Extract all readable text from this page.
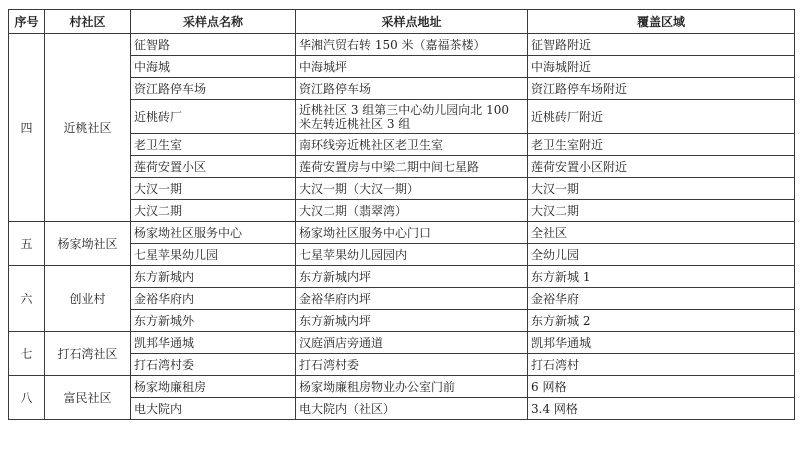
序号	村社区	采样点名称	采样点地址	覆盖区域
四	近桃社区	征智路	华湘汽贸右转 150 米（嘉福茶楼）	征智路附近
		中海城	中海城坪	中海城附近
		资江路停车场	资江路停车场	资江路停车场附近
		近桃砖厂	近桃社区 3 组第三中心幼儿园向北 100 米左转近桃社区 3 组	近桃砖厂附近
		老卫生室	南环线旁近桃社区老卫生室	老卫生室附近
		莲荷安置小区	莲荷安置房与中梁二期中间七星路	莲荷安置小区附近
		大汉一期	大汉一期（大汉一期）	大汉一期
		大汉二期	大汉二期（翡翠湾）	大汉二期
五	杨家坳社区	杨家坳社区服务中心	杨家坳社区服务中心门口	全社区
		七星苹果幼儿园	七星苹果幼儿园园内	全幼儿园
六	创业村	东方新城内	东方新城内坪	东方新城 1
		金裕华府内	金裕华府内坪	金裕华府
		东方新城外	东方新城内坪	东方新城 2
七	打石湾社区	凯邦华通城	汉庭酒店旁通道	凯邦华通城
		打石湾村委	打石湾村委	打石湾村
八	富民社区	杨家坳廉租房	杨家坳廉租房物业办公室门前	6 网格
		电大院内	电大院内（社区）	3.4 网格
